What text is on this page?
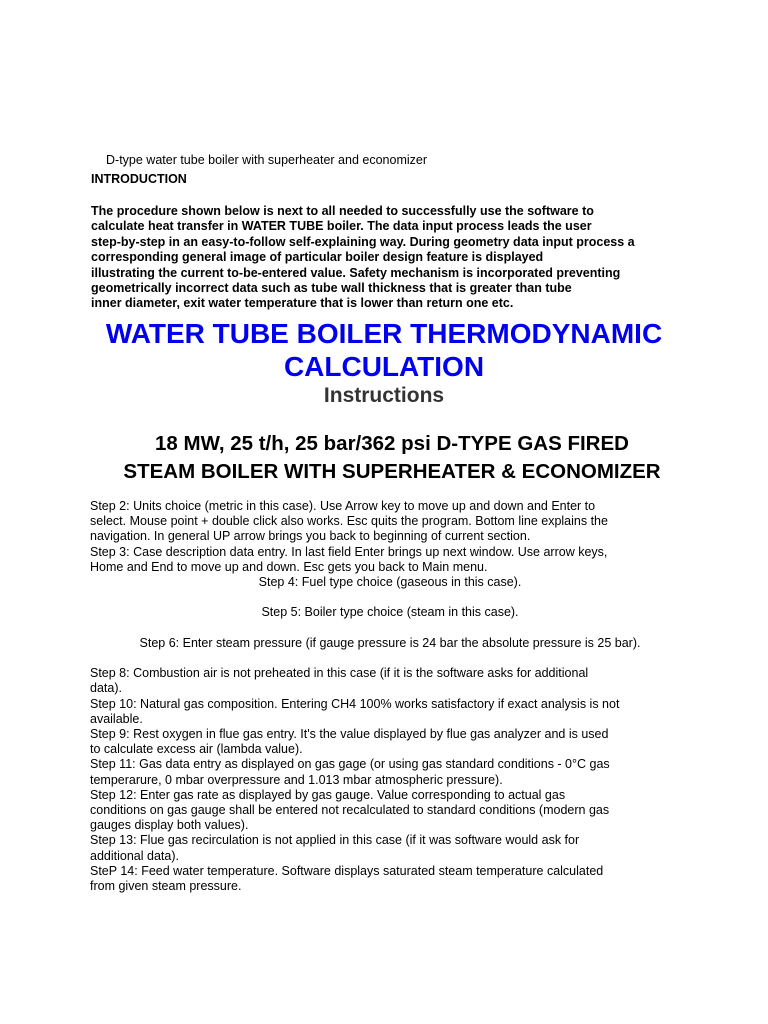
D-type water tube boiler with superheater and economizer
INTRODUCTION
The procedure shown below is next to all needed to successfully use the software to
calculate heat transfer in WATER TUBE boiler. The data input process leads the user
step-by-step in an easy-to-follow self-explaining way. During geometry data input process a
corresponding general image of particular boiler design feature is displayed
illustrating the current to-be-entered value. Safety mechanism is incorporated preventing
geometrically incorrect data such as tube wall thickness that is greater than tube
inner diameter, exit water temperature that is lower than return one etc.
WATER TUBE BOILER THERMODYNAMIC
CALCULATION
Instructions
18 MW, 25 t/h, 25 bar/362 psi D-TYPE GAS FIRED
STEAM BOILER WITH SUPERHEATER & ECONOMIZER
Step 2: Units choice (metric in this case). Use Arrow key to move up and down and Enter to
select. Mouse point + double click also works. Esc quits the program. Bottom line explains the
navigation. In general UP arrow brings you back to beginning of current section.
Step 3: Case description data entry. In last field Enter brings up next window. Use arrow keys,
Home and End to move up and down. Esc gets you back to Main menu.
Step 4: Fuel type choice (gaseous in this case).

Step 5: Boiler type choice (steam in this case).

Step 6: Enter steam pressure (if gauge pressure is 24 bar the absolute pressure is 25 bar).

Step 8: Combustion air is not preheated in this case (if it is the software asks for additional
data).
Step 10: Natural gas composition. Entering CH4 100% works satisfactory if exact analysis is not
available.
Step 9: Rest oxygen in flue gas entry. It's the value displayed by flue gas analyzer and is used
to calculate excess air (lambda value).
Step 11: Gas data entry as displayed on gas gage (or using gas standard conditions - 0°C gas
temperarure, 0 mbar overpressure and 1.013 mbar atmospheric pressure).
Step 12: Enter gas rate as displayed by gas gauge. Value corresponding to actual gas
conditions on gas gauge shall be entered not recalculated to standard conditions (modern gas
gauges display both values).
Step 13: Flue gas recirculation is not applied in this case (if it was software would ask for
additional data).
SteP 14: Feed water temperature. Software displays saturated steam temperature calculated
from given steam pressure.
